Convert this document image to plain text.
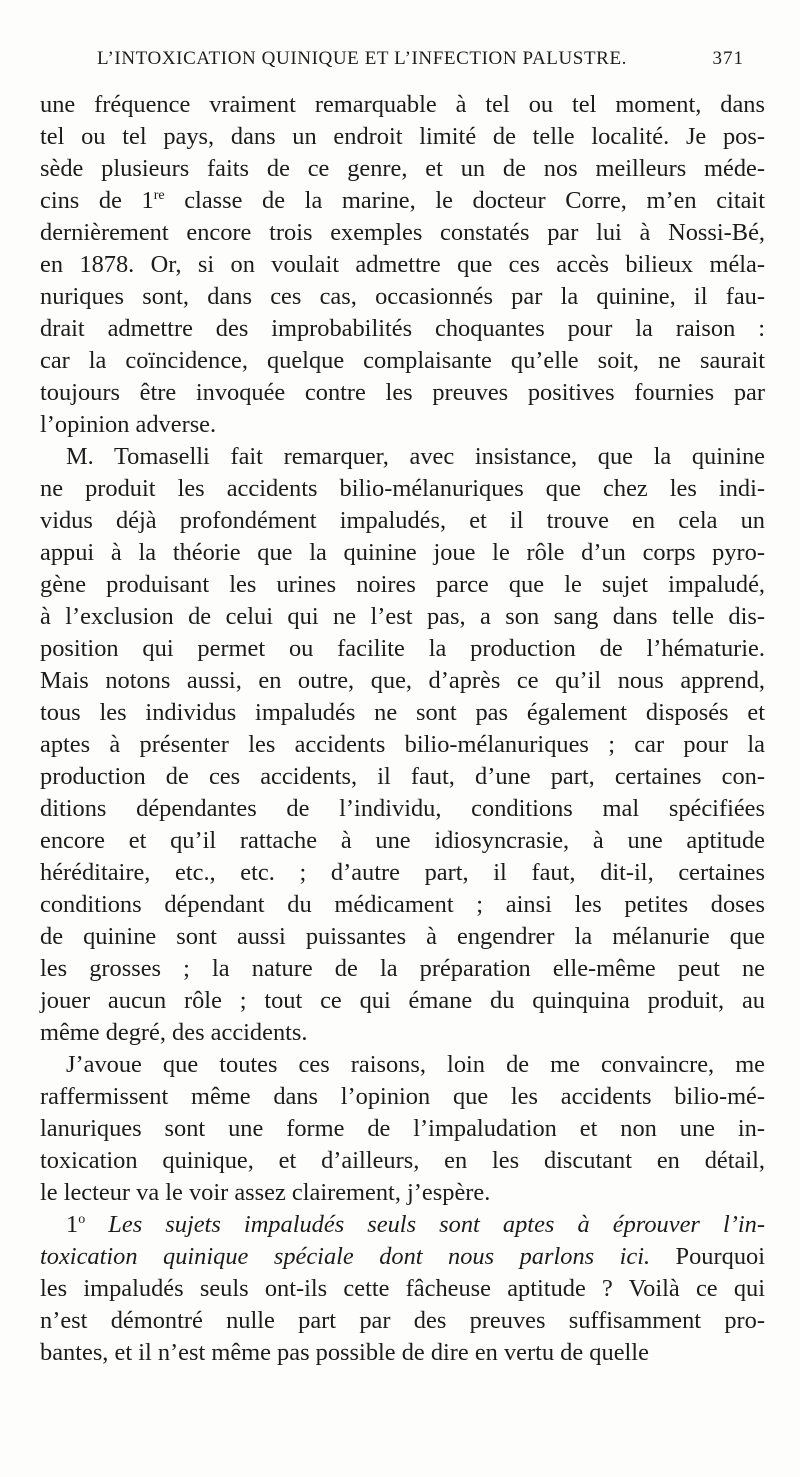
L’INTOXICATION QUINIQUE ET L’INFECTION PALUSTRE.	371
une fréquence vraiment remarquable à tel ou tel moment, dans
tel ou tel pays, dans un endroit limité de telle localité. Je pos-
sède plusieurs faits de ce genre, et un de nos meilleurs méde-
cins de 1re classe de la marine, le docteur Corre, m’en citait
dernièrement encore trois exemples constatés par lui à Nossi-Bé,
en 1878. Or, si on voulait admettre que ces accès bilieux méla-
nuriques sont, dans ces cas, occasionnés par la quinine, il fau-
drait admettre des improbabilités choquantes pour la raison :
car la coïncidence, quelque complaisante qu’elle soit, ne saurait
toujours être invoquée contre les preuves positives fournies par
l’opinion adverse.
M. Tomaselli fait remarquer, avec insistance, que la quinine
ne produit les accidents bilio-mélanuriques que chez les indi-
vidus déjà profondément impaludés, et il trouve en cela un
appui à la théorie que la quinine joue le rôle d’un corps pyro-
gène produisant les urines noires parce que le sujet impaludé,
à l’exclusion de celui qui ne l’est pas, a son sang dans telle dis-
position qui permet ou facilite la production de l’hématurie.
Mais notons aussi, en outre, que, d’après ce qu’il nous apprend,
tous les individus impaludés ne sont pas également disposés et
aptes à présenter les accidents bilio-mélanuriques ; car pour la
production de ces accidents, il faut, d’une part, certaines con-
ditions dépendantes de l’individu, conditions mal spécifiées
encore et qu’il rattache à une idiosyncrasie, à une aptitude
héréditaire, etc., etc. ; d’autre part, il faut, dit-il, certaines
conditions dépendant du médicament ; ainsi les petites doses
de quinine sont aussi puissantes à engendrer la mélanurie que
les grosses ; la nature de la préparation elle-même peut ne
jouer aucun rôle ; tout ce qui émane du quinquina produit, au
même degré, des accidents.
J’avoue que toutes ces raisons, loin de me convaincre, me
raffermissent même dans l’opinion que les accidents bilio-mé-
lanuriques sont une forme de l’impaludation et non une in-
toxication quinique, et d’ailleurs, en les discutant en détail,
le lecteur va le voir assez clairement, j’espère.
1$^o$ Les sujets impaludés seuls sont aptes à éprouver l’in-
toxication quinique spéciale dont nous parlons ici. Pourquoi
les impaludés seuls ont-ils cette fâcheuse aptitude ? Voilà ce qui
n’est démontré nulle part par des preuves suffisamment pro-
bantes, et il n’est même pas possible de dire en vertu de quelle
